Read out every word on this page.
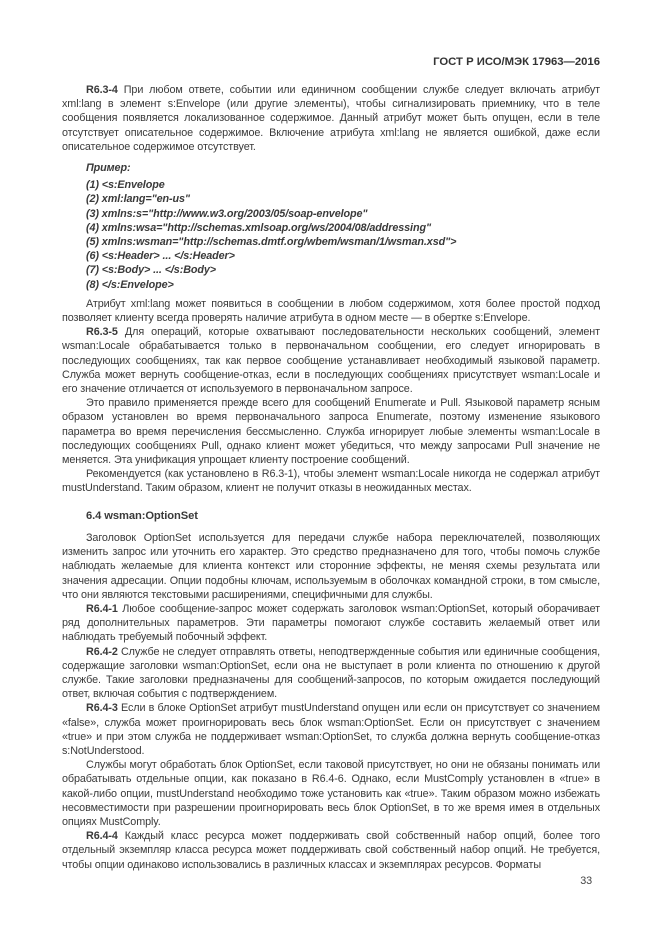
ГОСТ Р ИСО/МЭК 17963—2016

R6.3-4 При любом ответе, событии или единичном сообщении службе следует включать атрибут xml:lang в элемент s:Envelope (или другие элементы), чтобы сигнализировать приемнику, что в теле сообщения появляется локализованное содержимое. Данный атрибут может быть опущен, если в теле отсутствует описательное содержимое. Включение атрибута xml:lang не является ошибкой, даже если описательное содержимое отсутствует.

Пример:

(1) <s:Envelope

(2) xml:lang="en-us"

(3) xmlns:s="http://www.w3.org/2003/05/soap-envelope"

(4) xmlns:wsa="http://schemas.xmlsoap.org/ws/2004/08/addressing"

(5) xmlns:wsman="http://schemas.dmtf.org/wbem/wsman/1/wsman.xsd">

(6) <s:Header> ... </s:Header>

(7) <s:Body> ... </s:Body>

(8) </s:Envelope>

Атрибут xml:lang может появиться в сообщении в любом содержимом, хотя более простой подход позволяет клиенту всегда проверять наличие атрибута в одном месте — в обертке s:Envelope.

R6.3-5 Для операций, которые охватывают последовательности нескольких сообщений, элемент wsman:Locale обрабатывается только в первоначальном сообщении, его следует игнорировать в последующих сообщениях, так как первое сообщение устанавливает необходимый языковой параметр. Служба может вернуть сообщение-отказ, если в последующих сообщениях присутствует wsman:Locale и его значение отличается от используемого в первоначальном запросе.

Это правило применяется прежде всего для сообщений Enumerate и Pull. Языковой параметр ясным образом установлен во время первоначального запроса Enumerate, поэтому изменение языкового параметра во время перечисления бессмысленно. Служба игнорирует любые элементы wsman:Locale в последующих сообщениях Pull, однако клиент может убедиться, что между запросами Pull значение не меняется. Эта унификация упрощает клиенту построение сообщений.

Рекомендуется (как установлено в R6.3-1), чтобы элемент wsman:Locale никогда не содержал атрибут mustUnderstand. Таким образом, клиент не получит отказы в неожиданных местах.

6.4 wsman:OptionSet

Заголовок OptionSet используется для передачи службе набора переключателей, позволяющих изменить запрос или уточнить его характер. Это средство предназначено для того, чтобы помочь службе наблюдать желаемые для клиента контекст или сторонние эффекты, не меняя схемы результата или значения адресации. Опции подобны ключам, используемым в оболочках командной строки, в том смысле, что они являются текстовыми расширениями, специфичными для службы.

R6.4-1 Любое сообщение-запрос может содержать заголовок wsman:OptionSet, который оборачивает ряд дополнительных параметров. Эти параметры помогают службе составить желаемый ответ или наблюдать требуемый побочный эффект.

R6.4-2 Службе не следует отправлять ответы, неподтвержденные события или единичные сообщения, содержащие заголовки wsman:OptionSet, если она не выступает в роли клиента по отношению к другой службе. Такие заголовки предназначены для сообщений-запросов, по которым ожидается последующий ответ, включая события с подтверждением.

R6.4-3 Если в блоке OptionSet атрибут mustUnderstand опущен или если он присутствует со значением «false», служба может проигнорировать весь блок wsman:OptionSet. Если он присутствует с значением «true» и при этом служба не поддерживает wsman:OptionSet, то служба должна вернуть сообщение-отказ s:NotUnderstood.

Службы могут обработать блок OptionSet, если таковой присутствует, но они не обязаны понимать или обрабатывать отдельные опции, как показано в R6.4-6. Однако, если MustComply установлен в «true» в какой-либо опции, mustUnderstand необходимо тоже установить как «true». Таким образом можно избежать несовместимости при разрешении проигнорировать весь блок OptionSet, в то же время имея в отдельных опциях MustComply.

R6.4-4 Каждый класс ресурса может поддерживать свой собственный набор опций, более того отдельный экземпляр класса ресурса может поддерживать свой собственный набор опций. Не требуется, чтобы опции одинаково использовались в различных классах и экземплярах ресурсов. Форматы

33
